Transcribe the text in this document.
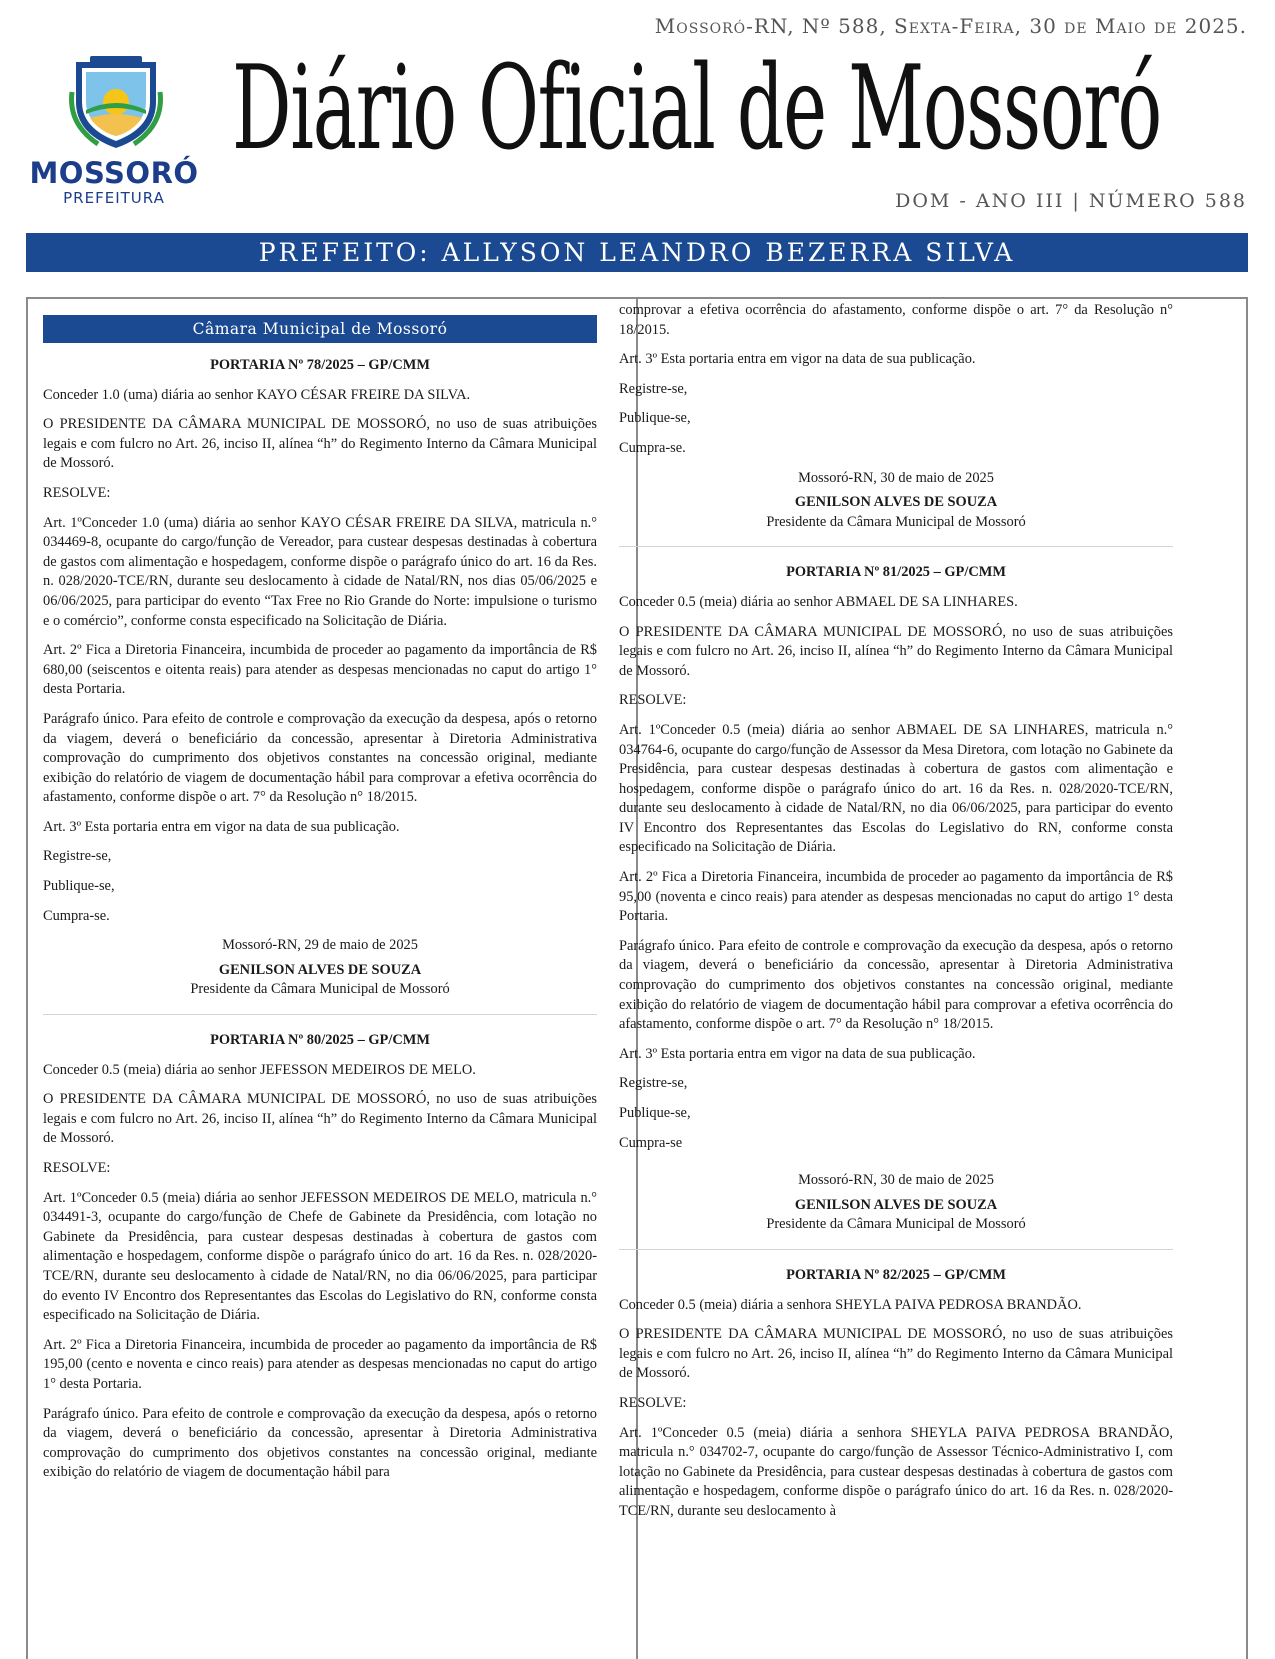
Mossoró-RN, Nº 588, Sexta-Feira, 30 de Maio de 2025.
MOSSORÓ
PREFEITURA
Diário Oficial de Mossoró
DOM - ANO III | NÚMERO 588
PREFEITO: ALLYSON LEANDRO BEZERRA SILVA
Câmara Municipal de Mossoró
PORTARIA Nº 78/2025 – GP/CMM

Conceder 1.0 (uma) diária ao senhor KAYO CÉSAR FREIRE DA SILVA.

O PRESIDENTE DA CÂMARA MUNICIPAL DE MOSSORÓ, no uso de suas atribuições legais e com fulcro no Art. 26, inciso II, alínea “h” do Regimento Interno da Câmara Municipal de Mossoró.

RESOLVE:

Art. 1ºConceder 1.0 (uma) diária ao senhor KAYO CÉSAR FREIRE DA SILVA, matricula n.° 034469-8, ocupante do cargo/função de Vereador, para custear despesas destinadas à cobertura de gastos com alimentação e hospedagem, conforme dispõe o parágrafo único do art. 16 da Res. n. 028/2020-TCE/RN, durante seu deslocamento à cidade de Natal/RN, nos dias 05/06/2025 e 06/06/2025, para participar do evento “Tax Free no Rio Grande do Norte: impulsione o turismo e o comércio”, conforme consta especificado na Solicitação de Diária.

Art. 2º Fica a Diretoria Financeira, incumbida de proceder ao pagamento da importância de R$ 680,00 (seiscentos e oitenta reais) para atender as despesas mencionadas no caput do artigo 1° desta Portaria.

Parágrafo único. Para efeito de controle e comprovação da execução da despesa, após o retorno da viagem, deverá o beneficiário da concessão, apresentar à Diretoria Administrativa comprovação do cumprimento dos objetivos constantes na concessão original, mediante exibição do relatório de viagem de documentação hábil para comprovar a efetiva ocorrência do afastamento, conforme dispõe o art. 7° da Resolução n° 18/2015.

Art. 3º Esta portaria entra em vigor na data de sua publicação.

Registre-se,

Publique-se,

Cumpra-se.

Mossoró-RN, 29 de maio de 2025
GENILSON ALVES DE SOUZA
Presidente da Câmara Municipal de Mossoró
PORTARIA Nº 80/2025 – GP/CMM

Conceder 0.5 (meia) diária ao senhor JEFESSON MEDEIROS DE MELO.

O PRESIDENTE DA CÂMARA MUNICIPAL DE MOSSORÓ, no uso de suas atribuições legais e com fulcro no Art. 26, inciso II, alínea “h” do Regimento Interno da Câmara Municipal de Mossoró.

RESOLVE:

Art. 1ºConceder 0.5 (meia) diária ao senhor JEFESSON MEDEIROS DE MELO, matricula n.° 034491-3, ocupante do cargo/função de Chefe de Gabinete da Presidência, com lotação no Gabinete da Presidência, para custear despesas destinadas à cobertura de gastos com alimentação e hospedagem, conforme dispõe o parágrafo único do art. 16 da Res. n. 028/2020-TCE/RN, durante seu deslocamento à cidade de Natal/RN, no dia 06/06/2025, para participar do evento IV Encontro dos Representantes das Escolas do Legislativo do RN, conforme consta especificado na Solicitação de Diária.

Art. 2º Fica a Diretoria Financeira, incumbida de proceder ao pagamento da importância de R$ 195,00 (cento e noventa e cinco reais) para atender as despesas mencionadas no caput do artigo 1° desta Portaria.

Parágrafo único. Para efeito de controle e comprovação da execução da despesa, após o retorno da viagem, deverá o beneficiário da concessão, apresentar à Diretoria Administrativa comprovação do cumprimento dos objetivos constantes na concessão original, mediante exibição do relatório de viagem de documentação hábil para

comprovar a efetiva ocorrência do afastamento, conforme dispõe o art. 7° da Resolução n° 18/2015.

Art. 3º Esta portaria entra em vigor na data de sua publicação.

Registre-se,

Publique-se,

Cumpra-se.

Mossoró-RN, 30 de maio de 2025
GENILSON ALVES DE SOUZA
Presidente da Câmara Municipal de Mossoró
PORTARIA Nº 81/2025 – GP/CMM

Conceder 0.5 (meia) diária ao senhor ABMAEL DE SA LINHARES.

O PRESIDENTE DA CÂMARA MUNICIPAL DE MOSSORÓ, no uso de suas atribuições legais e com fulcro no Art. 26, inciso II, alínea “h” do Regimento Interno da Câmara Municipal de Mossoró.

RESOLVE:

Art. 1ºConceder 0.5 (meia) diária ao senhor ABMAEL DE SA LINHARES, matricula n.° 034764-6, ocupante do cargo/função de Assessor da Mesa Diretora, com lotação no Gabinete da Presidência, para custear despesas destinadas à cobertura de gastos com alimentação e hospedagem, conforme dispõe o parágrafo único do art. 16 da Res. n. 028/2020-TCE/RN, durante seu deslocamento à cidade de Natal/RN, no dia 06/06/2025, para participar do evento IV Encontro dos Representantes das Escolas do Legislativo do RN, conforme consta especificado na Solicitação de Diária.

Art. 2º Fica a Diretoria Financeira, incumbida de proceder ao pagamento da importância de R$ 95,00 (noventa e cinco reais) para atender as despesas mencionadas no caput do artigo 1° desta Portaria.

Parágrafo único. Para efeito de controle e comprovação da execução da despesa, após o retorno da viagem, deverá o beneficiário da concessão, apresentar à Diretoria Administrativa comprovação do cumprimento dos objetivos constantes na concessão original, mediante exibição do relatório de viagem de documentação hábil para comprovar a efetiva ocorrência do afastamento, conforme dispõe o art. 7° da Resolução n° 18/2015.

Art. 3º Esta portaria entra em vigor na data de sua publicação.

Registre-se,

Publique-se,

Cumpra-se

Mossoró-RN, 30 de maio de 2025
GENILSON ALVES DE SOUZA
Presidente da Câmara Municipal de Mossoró
PORTARIA Nº 82/2025 – GP/CMM

Conceder 0.5 (meia) diária a senhora SHEYLA PAIVA PEDROSA BRANDÃO.

O PRESIDENTE DA CÂMARA MUNICIPAL DE MOSSORÓ, no uso de suas atribuições legais e com fulcro no Art. 26, inciso II, alínea “h” do Regimento Interno da Câmara Municipal de Mossoró.

RESOLVE:

Art. 1ºConceder 0.5 (meia) diária a senhora SHEYLA PAIVA PEDROSA BRANDÃO, matricula n.° 034702-7, ocupante do cargo/função de Assessor Técnico-Administrativo I, com lotação no Gabinete da Presidência, para custear despesas destinadas à cobertura de gastos com alimentação e hospedagem, conforme dispõe o parágrafo único do art. 16 da Res. n. 028/2020-TCE/RN, durante seu deslocamento à
